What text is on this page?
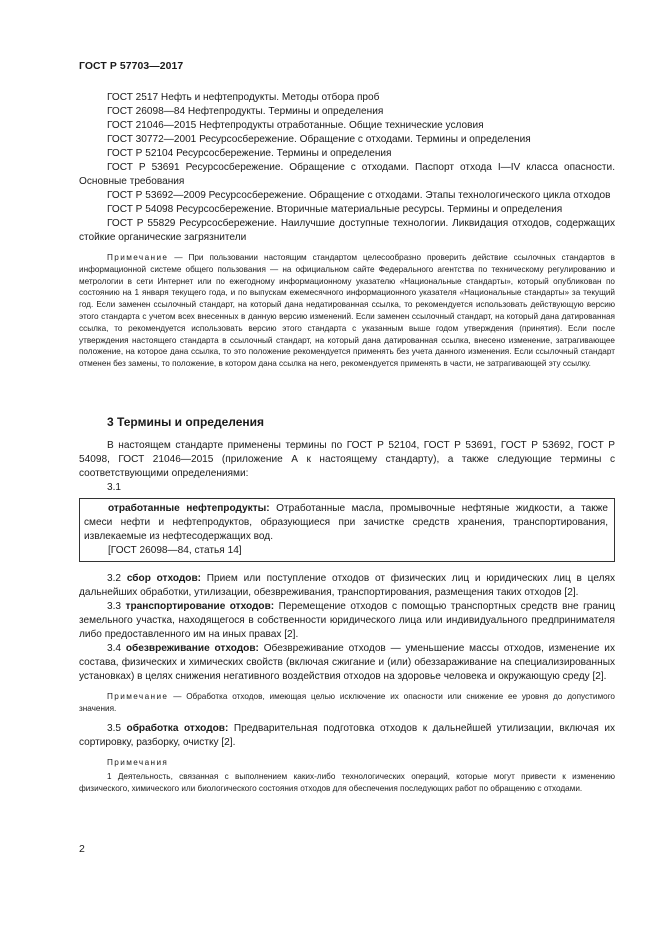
ГОСТ Р 57703—2017

ГОСТ 2517 Нефть и нефтепродукты. Методы отбора проб

ГОСТ 26098—84 Нефтепродукты. Термины и определения

ГОСТ 21046—2015 Нефтепродукты отработанные. Общие технические условия

ГОСТ 30772—2001 Ресурсосбережение. Обращение с отходами. Термины и определения

ГОСТ Р 52104 Ресурсосбережение. Термины и определения

ГОСТ Р 53691 Ресурсосбережение. Обращение с отходами. Паспорт отхода I—IV класса опасности. Основные требования

ГОСТ Р 53692—2009 Ресурсосбережение. Обращение с отходами. Этапы технологического цикла отходов

ГОСТ Р 54098 Ресурсосбережение. Вторичные материальные ресурсы. Термины и определения

ГОСТ Р 55829 Ресурсосбережение. Наилучшие доступные технологии. Ликвидация отходов, содержащих стойкие органические загрязнители

Примечание — При пользовании настоящим стандартом целесообразно проверить действие ссылочных стандартов в информационной системе общего пользования — на официальном сайте Федерального агентства по техническому регулированию и метрологии в сети Интернет или по ежегодному информационному указателю «Национальные стандарты», который опубликован по состоянию на 1 января текущего года, и по выпускам ежемесячного информационного указателя «Национальные стандарты» за текущий год. Если заменен ссылочный стандарт, на который дана недатированная ссылка, то рекомендуется использовать действующую версию этого стандарта с учетом всех внесенных в данную версию изменений. Если заменен ссылочный стандарт, на который дана датированная ссылка, то рекомендуется использовать версию этого стандарта с указанным выше годом утверждения (принятия). Если после утверждения настоящего стандарта в ссылочный стандарт, на который дана датированная ссылка, внесено изменение, затрагивающее положение, на которое дана ссылка, то это положение рекомендуется применять без учета данного изменения. Если ссылочный стандарт отменен без замены, то положение, в котором дана ссылка на него, рекомендуется применять в части, не затрагивающей эту ссылку.

3 Термины и определения

В настоящем стандарте применены термины по ГОСТ Р 52104, ГОСТ Р 53691, ГОСТ Р 53692, ГОСТ Р 54098, ГОСТ 21046—2015 (приложение А к настоящему стандарту), а также следующие термины с соответствующими определениями:

3.1

отработанные нефтепродукты: Отработанные масла, промывочные нефтяные жидкости, а также смеси нефти и нефтепродуктов, образующиеся при зачистке средств хранения, транспортирования, извлекаемые из нефтесодержащих вод.

[ГОСТ 26098—84, статья 14]

3.2 сбор отходов: Прием или поступление отходов от физических лиц и юридических лиц в целях дальнейших обработки, утилизации, обезвреживания, транспортирования, размещения таких отходов [2].

3.3 транспортирование отходов: Перемещение отходов с помощью транспортных средств вне границ земельного участка, находящегося в собственности юридического лица или индивидуального предпринимателя либо предоставленного им на иных правах [2].

3.4 обезвреживание отходов: Обезвреживание отходов — уменьшение массы отходов, изменение их состава, физических и химических свойств (включая сжигание и (или) обеззараживание на специализированных установках) в целях снижения негативного воздействия отходов на здоровье человека и окружающую среду [2].

Примечание — Обработка отходов, имеющая целью исключение их опасности или снижение ее уровня до допустимого значения.

3.5 обработка отходов: Предварительная подготовка отходов к дальнейшей утилизации, включая их сортировку, разборку, очистку [2].

Примечания

1 Деятельность, связанная с выполнением каких-либо технологических операций, которые могут привести к изменению физического, химического или биологического состояния отходов для обеспечения последующих работ по обращению с отходами.

2
